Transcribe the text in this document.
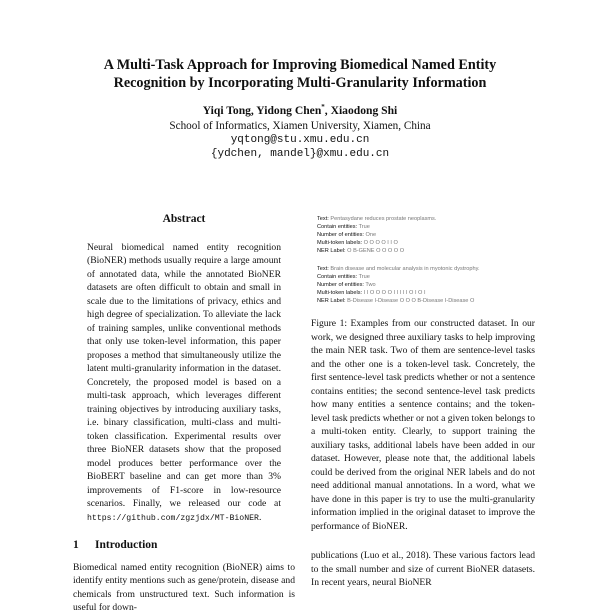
A Multi-Task Approach for Improving Biomedical Named Entity
Recognition by Incorporating Multi-Granularity Information
Yiqi Tong, Yidong Chen*, Xiaodong Shi
School of Informatics, Xiamen University, Xiamen, China
yqtong@stu.xmu.edu.cn
{ydchen, mandel}@xmu.edu.cn
Abstract

Neural biomedical named entity recognition (BioNER) methods usually require a large amount of annotated data, while the annotated BioNER datasets are often difficult to obtain and small in scale due to the limitations of privacy, ethics and high degree of specialization. To alleviate the lack of training samples, unlike conventional methods that only use token-level information, this paper proposes a method that simultaneously utilize the latent multi-granularity information in the dataset. Concretely, the proposed model is based on a multi-task approach, which leverages different training objectives by introducing auxiliary tasks, i.e. binary classification, multi-class and multi-token classification. Experimental results over three BioNER datasets show that the proposed model produces better performance over the BioBERT baseline and can get more than 3% improvements of F1-score in low-resource scenarios. Finally, we released our code at https://github.com/zgzjdx/MT-BioNER.

1 Introduction

Biomedical named entity recognition (BioNER) aims to identify entity mentions such as gene/protein, disease and chemicals from unstructured text. Such information is useful for down-

Text: Pentasydane reduces prostate neoplasms.
Contain entities: True
Number of entities: One
Multi-token labels: O O O O I I O
NER Label: O B-GENE O O O O O
Text: Brain disease and molecular analysis in myotonic dystrophy.
Contain entities: True
Number of entities: Two
Multi-token labels: I I O O O O I I I I I O I O I
NER Label: B-Disease I-Disease O O O B-Disease I-Disease O

Figure 1: Examples from our constructed dataset. In our work, we designed three auxiliary tasks to help improving the main NER task. Two of them are sentence-level tasks and the other one is a token-level task. Concretely, the first sentence-level task predicts whether or not a sentence contains entities; the second sentence-level task predicts how many entities a sentence contains; and the token-level task predicts whether or not a given token belongs to a multi-token entity. Clearly, to support training the auxiliary tasks, additional labels have been added in our dataset. However, please note that, the additional labels could be derived from the original NER labels and do not need additional manual annotations. In a word, what we have done in this paper is try to use the multi-granularity information implied in the original dataset to improve the performance of BioNER.

publications (Luo et al., 2018). These various factors lead to the small number and size of current BioNER datasets. In recent years, neural BioNER
